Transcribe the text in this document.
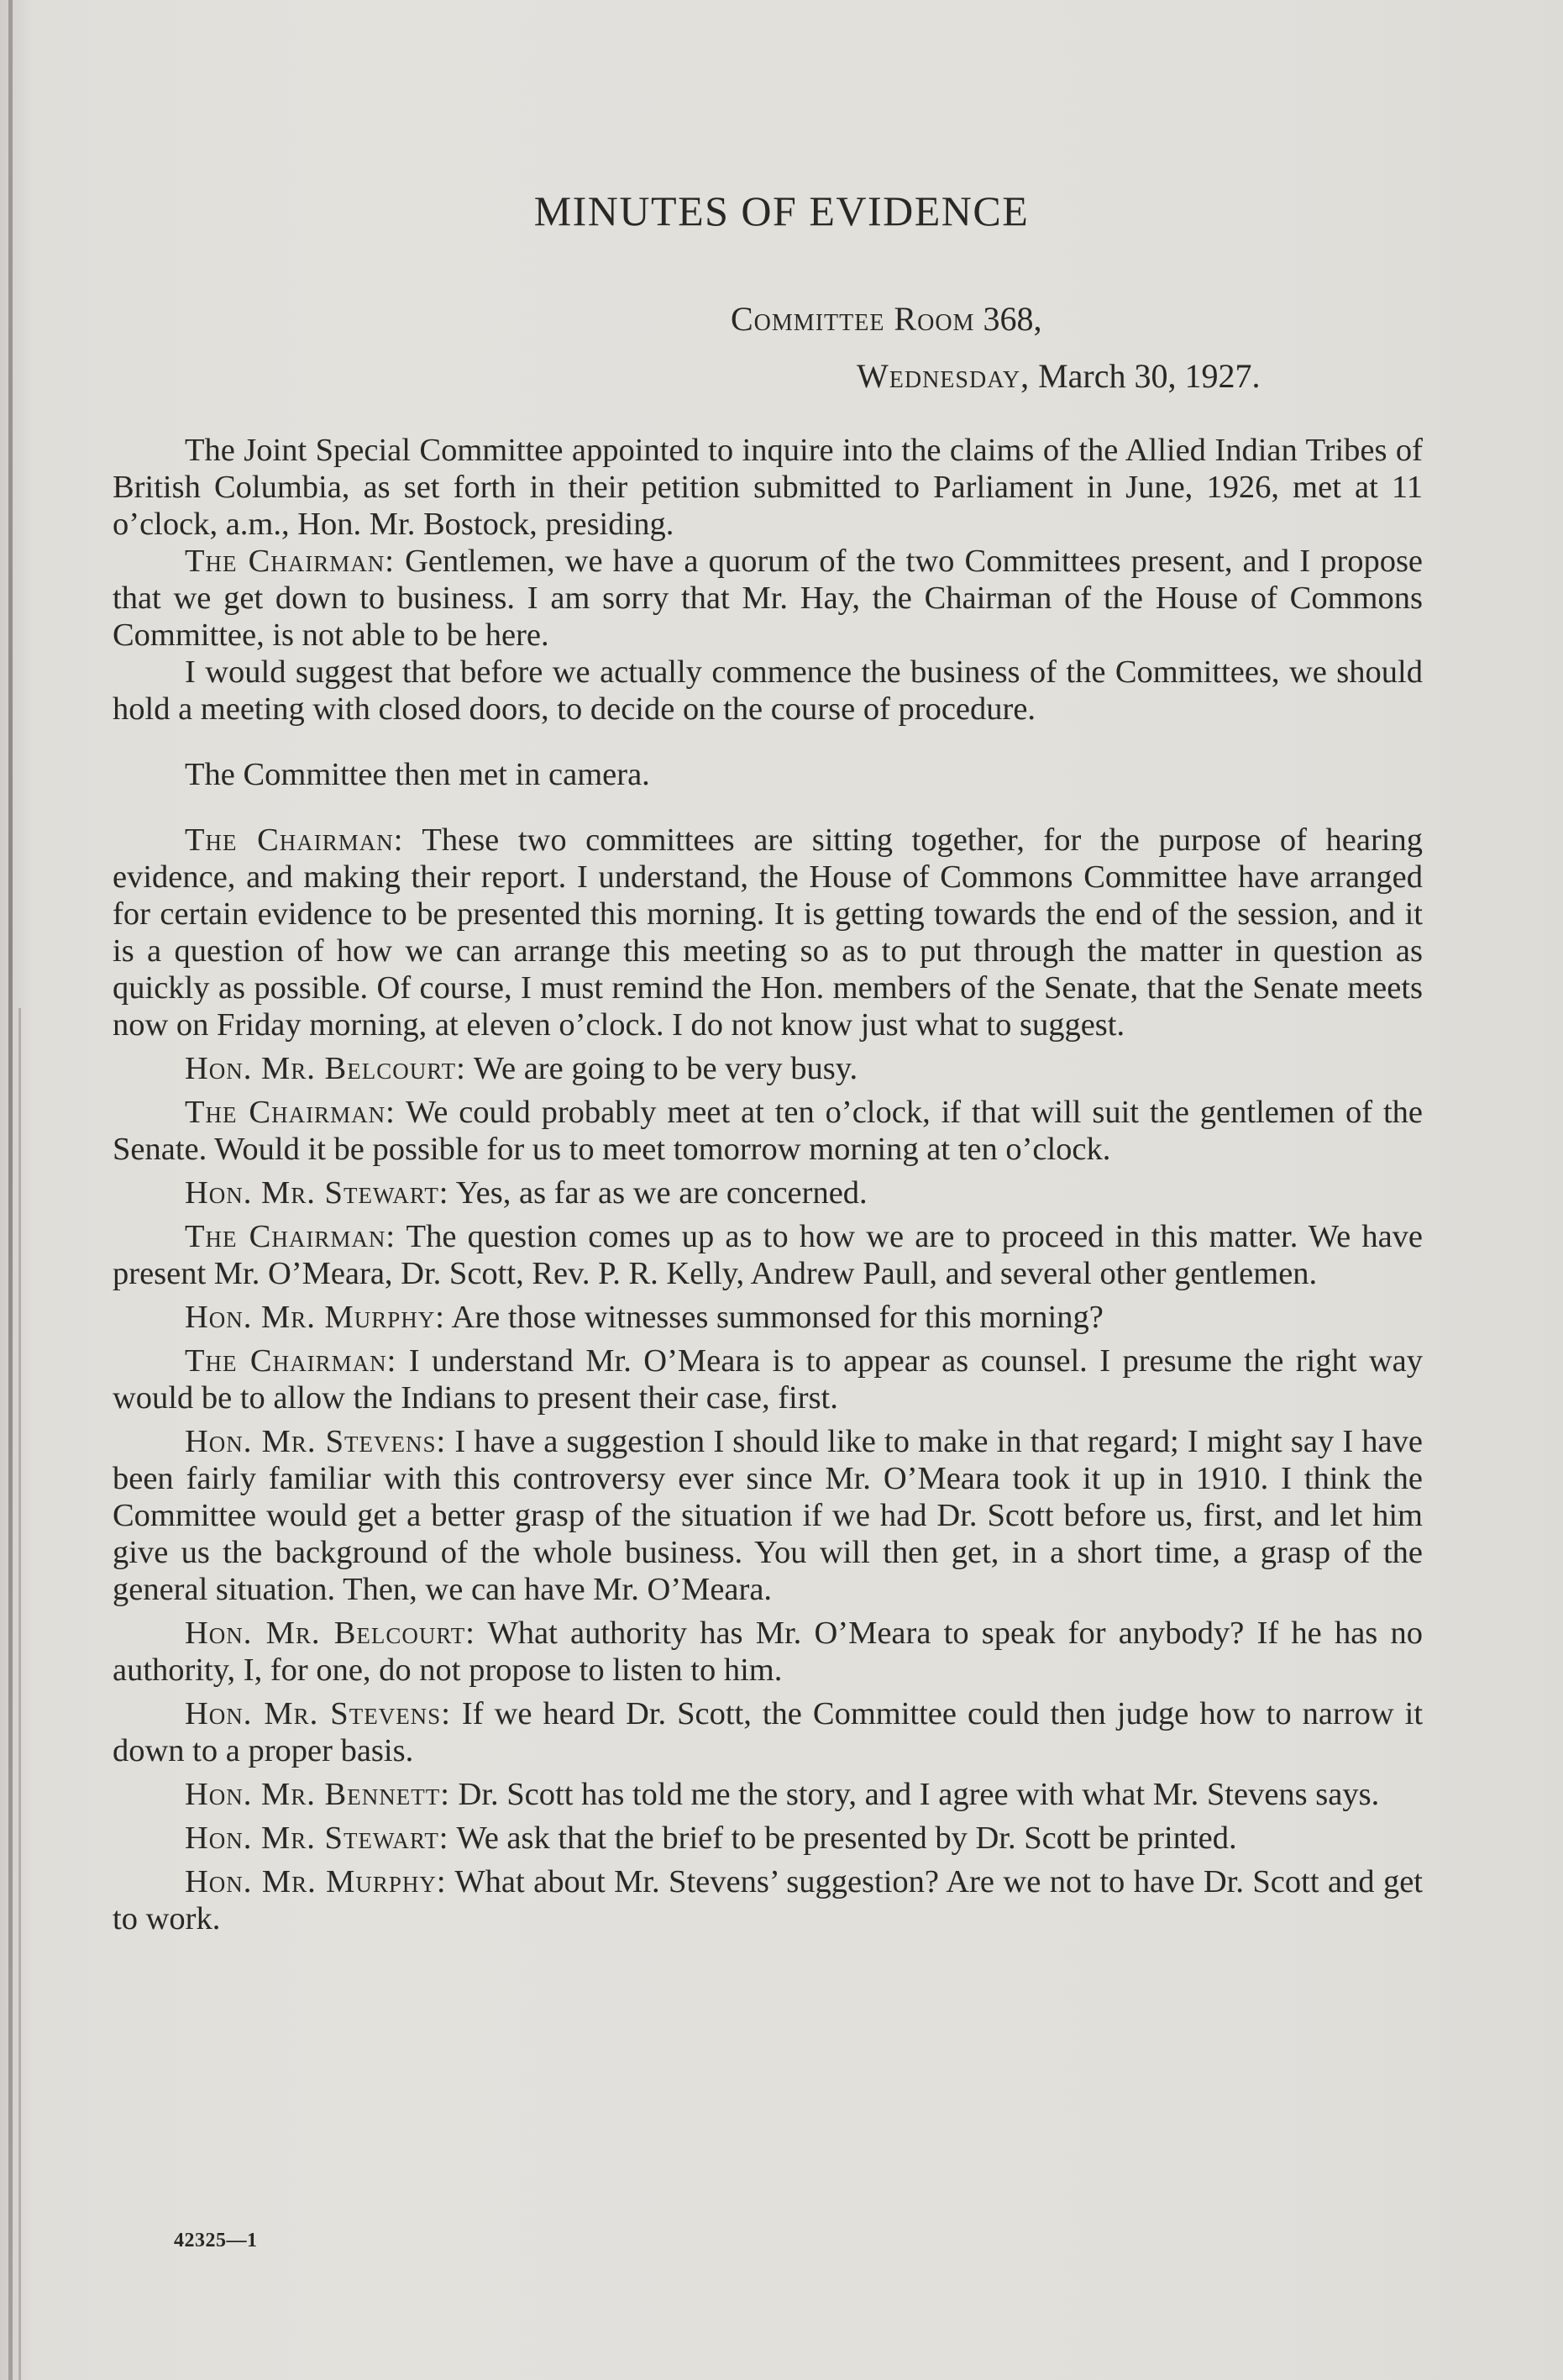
MINUTES OF EVIDENCE
Committee Room 368,
Wednesday, March 30, 1927.

The Joint Special Committee appointed to inquire into the claims of the Allied Indian Tribes of British Columbia, as set forth in their petition submitted to Parliament in June, 1926, met at 11 o’clock, a.m., Hon. Mr. Bostock, presiding.

The Chairman: Gentlemen, we have a quorum of the two Committees present, and I propose that we get down to business. I am sorry that Mr. Hay, the Chairman of the House of Commons Committee, is not able to be here.

I would suggest that before we actually commence the business of the Committees, we should hold a meeting with closed doors, to decide on the course of procedure.

The Committee then met in camera.

The Chairman: These two committees are sitting together, for the purpose of hearing evidence, and making their report. I understand, the House of Commons Committee have arranged for certain evidence to be presented this morning. It is getting towards the end of the session, and it is a question of how we can arrange this meeting so as to put through the matter in question as quickly as possible. Of course, I must remind the Hon. members of the Senate, that the Senate meets now on Friday morning, at eleven o’clock. I do not know just what to suggest.

Hon. Mr. Belcourt: We are going to be very busy.

The Chairman: We could probably meet at ten o’clock, if that will suit the gentlemen of the Senate. Would it be possible for us to meet tomorrow morning at ten o’clock.

Hon. Mr. Stewart: Yes, as far as we are concerned.

The Chairman: The question comes up as to how we are to proceed in this matter. We have present Mr. O’Meara, Dr. Scott, Rev. P. R. Kelly, Andrew Paull, and several other gentlemen.

Hon. Mr. Murphy: Are those witnesses summonsed for this morning?

The Chairman: I understand Mr. O’Meara is to appear as counsel. I presume the right way would be to allow the Indians to present their case, first.

Hon. Mr. Stevens: I have a suggestion I should like to make in that regard; I might say I have been fairly familiar with this controversy ever since Mr. O’Meara took it up in 1910. I think the Committee would get a better grasp of the situation if we had Dr. Scott before us, first, and let him give us the background of the whole business. You will then get, in a short time, a grasp of the general situation. Then, we can have Mr. O’Meara.

Hon. Mr. Belcourt: What authority has Mr. O’Meara to speak for anybody? If he has no authority, I, for one, do not propose to listen to him.

Hon. Mr. Stevens: If we heard Dr. Scott, the Committee could then judge how to narrow it down to a proper basis.

Hon. Mr. Bennett: Dr. Scott has told me the story, and I agree with what Mr. Stevens says.

Hon. Mr. Stewart: We ask that the brief to be presented by Dr. Scott be printed.

Hon. Mr. Murphy: What about Mr. Stevens’ suggestion? Are we not to have Dr. Scott and get to work.

42325—1
